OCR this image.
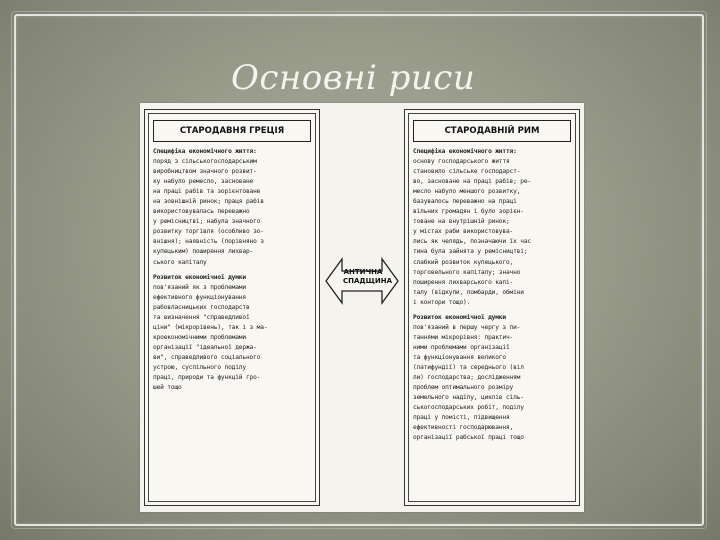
Основні риси
СТАРОДАВНЯ ГРЕЦІЯ
Специфіка економічного життя:
поряд з сільськогосподарським
виробництвом значного розвит-
ку набуло ремесло, засноване
на праці рабів та зорієнтоване
на зовнішній ринок; праця рабів
використовувалась переважно
у ремісництві; набула значного
розвитку торгівля (особливо зо-
внішня); наявність (порівняно з
купецьким) поширення лихвар-
ського капіталу
Розвиток економічної думки
пов'язаний як з проблемами
ефективного функціонування
рабовласницьких господарств
та визначення "справедливої
ціни" (мікрорівень), так і з ма-
кроекономічними проблемами
організації "ідеальної держа-
ви", справедливого соціального
устрою, суспільного поділу
праці, природи та функцій гро-
шей тощо
АНТИЧНА
СПАДЩИНА
СТАРОДАВНІЙ РИМ
Специфіка економічного життя:
основу господарського життя
становило сільське господарст-
во, засноване на праці рабів; ре-
месло набуло меншого розвитку,
базувалось переважно на праці
вільних громадян і було зорієн-
товане на внутрішній ринок;
у містах раби використовува-
лись як челядь, позначаючи їх час
тина була зайнята у ремісництві;
слабкий розвиток купецького,
торговельного капіталу; значно
поширення лихварського капі-
талу (вiдкупи, ломбарди, обміни
і контори тощо).
Розвиток економічної думки
пов'язаний в першу чергу з пи-
таннями мікрорівня: практич-
ними проблемами організації
та функціонування великого
(латифундії) та середнього (віл
ли) господарства; дослідженням
проблем оптимального розміру
земельного наділу, циклів сіль-
ськогосподарських робіт, поділу
праці у помісті, підвищення
ефективності господарювання,
організації рабської праці тощо
